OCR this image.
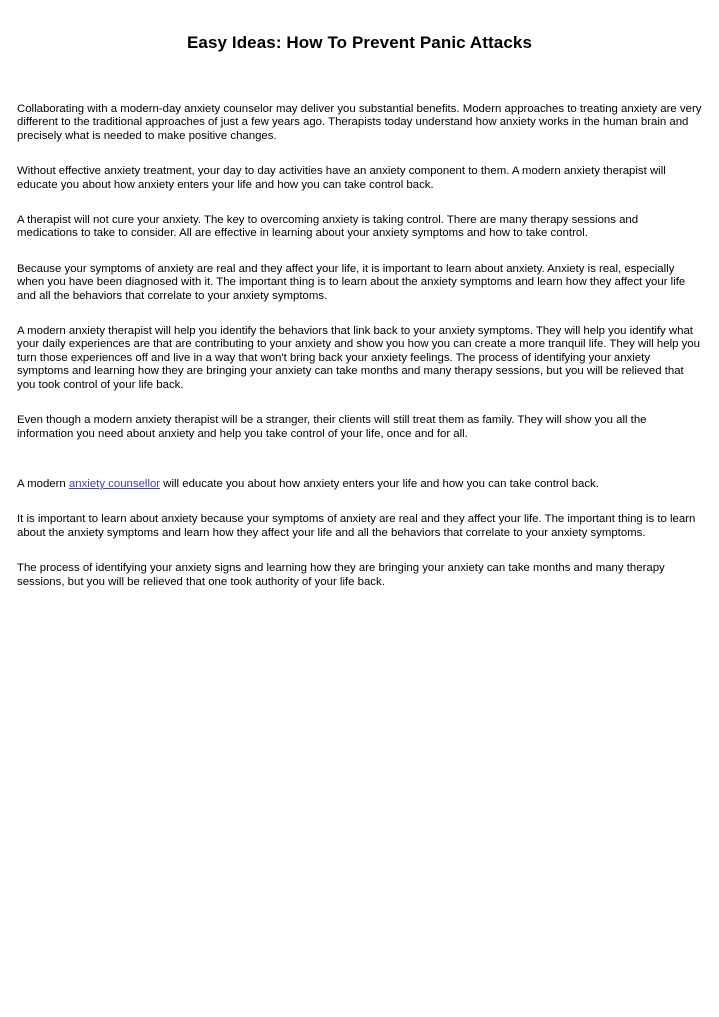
Easy Ideas: How To Prevent Panic Attacks

Collaborating with a modern-day anxiety counselor may deliver you substantial benefits. Modern approaches to treating anxiety are very different to the traditional approaches of just a few years ago. Therapists today understand how anxiety works in the human brain and precisely what is needed to make positive changes.

Without effective anxiety treatment, your day to day activities have an anxiety component to them. A modern anxiety therapist will educate you about how anxiety enters your life and how you can take control back.

A therapist will not cure your anxiety. The key to overcoming anxiety is taking control. There are many therapy sessions and medications to take to consider. All are effective in learning about your anxiety symptoms and how to take control.

Because your symptoms of anxiety are real and they affect your life, it is important to learn about anxiety. Anxiety is real, especially when you have been diagnosed with it. The important thing is to learn about the anxiety symptoms and learn how they affect your life and all the behaviors that correlate to your anxiety symptoms.

A modern anxiety therapist will help you identify the behaviors that link back to your anxiety symptoms. They will help you identify what your daily experiences are that are contributing to your anxiety and show you how you can create a more tranquil life. They will help you turn those experiences off and live in a way that won't bring back your anxiety feelings. The process of identifying your anxiety symptoms and learning how they are bringing your anxiety can take months and many therapy sessions, but you will be relieved that you took control of your life back.

Even though a modern anxiety therapist will be a stranger, their clients will still treat them as family. They will show you all the information you need about anxiety and help you take control of your life, once and for all.

A modern anxiety counsellor will educate you about how anxiety enters your life and how you can take control back.

It is important to learn about anxiety because your symptoms of anxiety are real and they affect your life. The important thing is to learn about the anxiety symptoms and learn how they affect your life and all the behaviors that correlate to your anxiety symptoms.

The process of identifying your anxiety signs and learning how they are bringing your anxiety can take months and many therapy sessions, but you will be relieved that one took authority of your life back.
